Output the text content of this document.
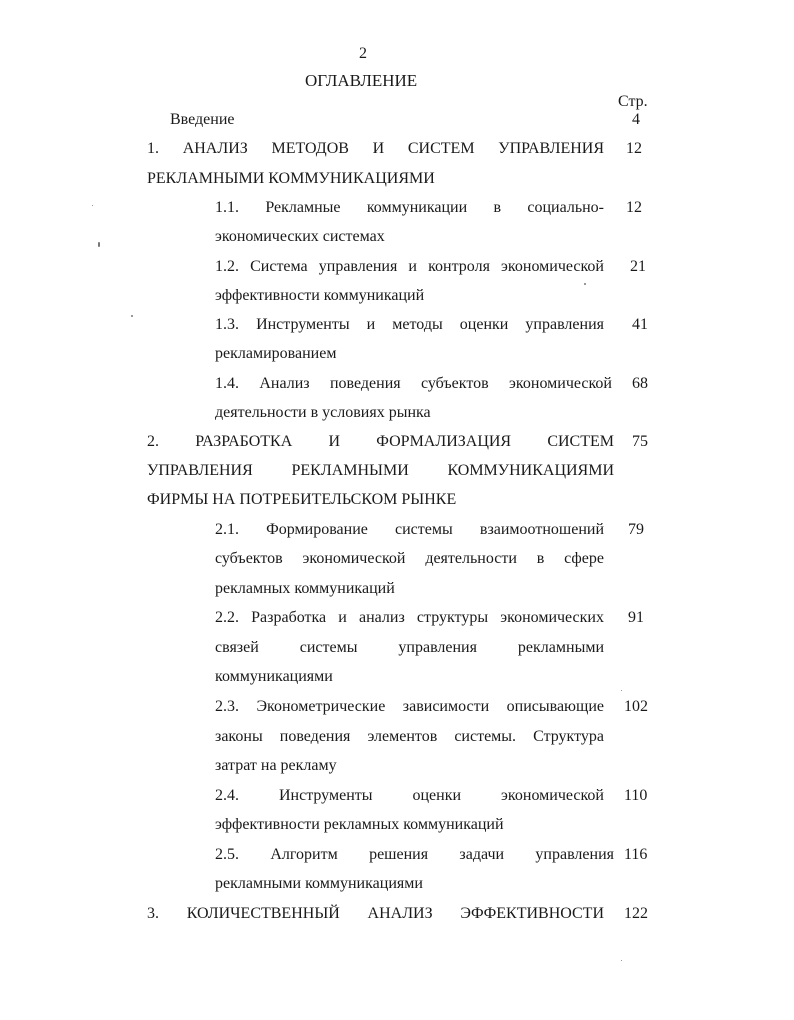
2
ОГЛАВЛЕНИЕ
Стр.
Введение	4
1. АНАЛИЗ МЕТОДОВ И СИСТЕМ УПРАВЛЕНИЯ 12
РЕКЛАМНЫМИ КОММУНИКАЦИЯМИ
1.1. Рекламные коммуникации в социально- 12
экономических системах
1.2. Система управления и контроля экономической 21
эффективности коммуникаций
1.3. Инструменты и методы оценки управления 41
рекламированием
1.4. Анализ поведения субъектов экономической 68
деятельности в условиях рынка
2. РАЗРАБОТКА И ФОРМАЛИЗАЦИЯ СИСТЕМ 75
УПРАВЛЕНИЯ РЕКЛАМНЫМИ КОММУНИКАЦИЯМИ
ФИРМЫ НА ПОТРЕБИТЕЛЬСКОМ РЫНКЕ
2.1. Формирование системы взаимоотношений 79
субъектов экономической деятельности в сфере
рекламных коммуникаций
2.2. Разработка и анализ структуры экономических 91
связей системы управления рекламными
коммуникациями
2.3. Эконометрические зависимости описывающие 102
законы поведения элементов системы. Структура
затрат на рекламу
2.4. Инструменты оценки экономической 110
эффективности рекламных коммуникаций
2.5. Алгоритм решения задачи управления 116
рекламными коммуникациями
3. КОЛИЧЕСТВЕННЫЙ АНАЛИЗ ЭФФЕКТИВНОСТИ 122
